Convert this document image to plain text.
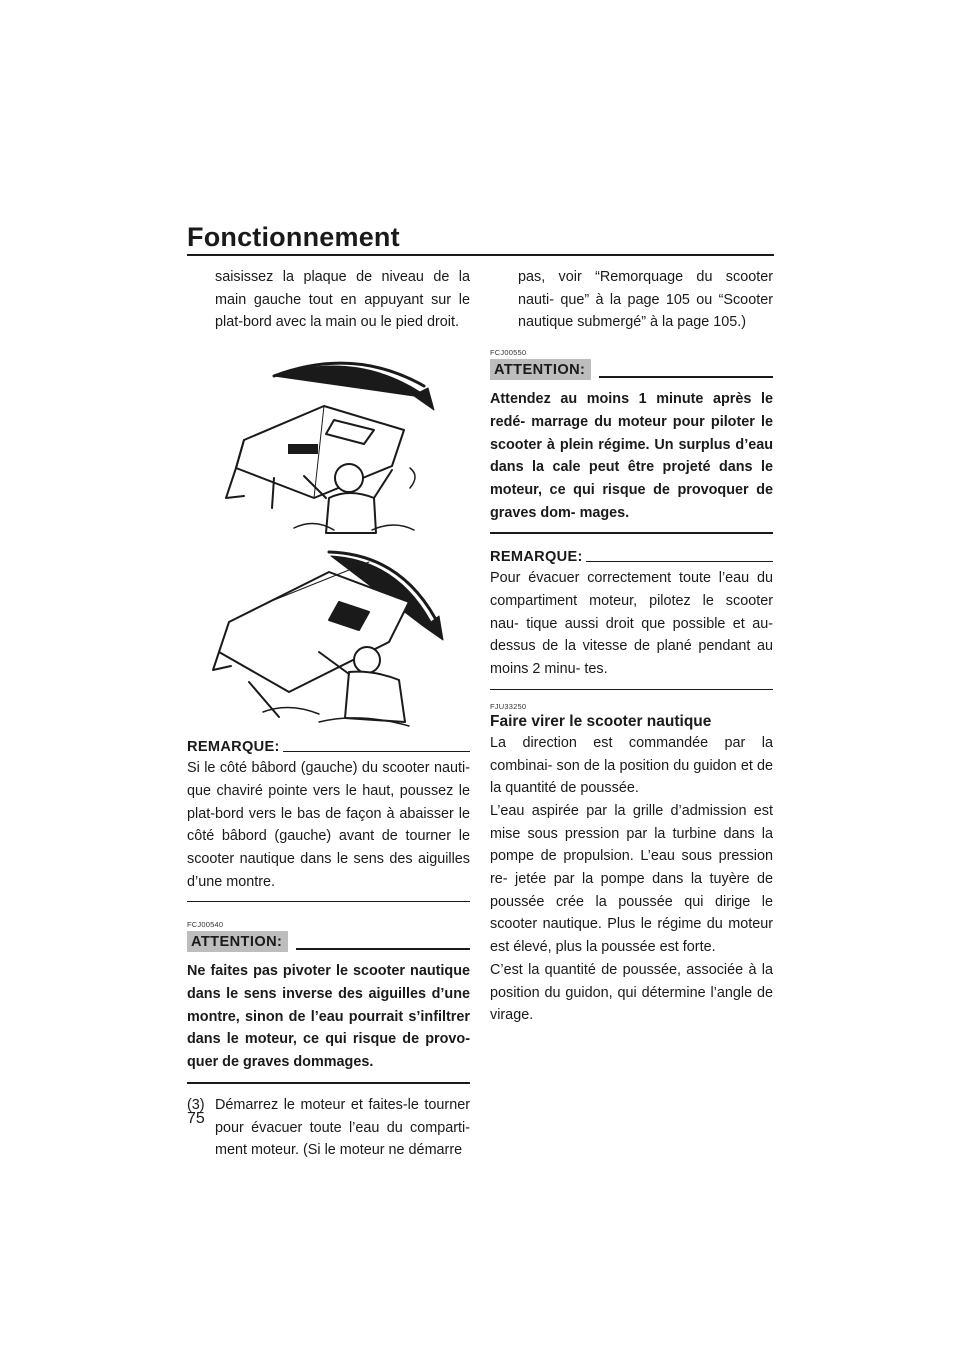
Fonctionnement

saisissez la plaque de niveau de la main gauche tout en appuyant sur le plat-bord avec la main ou le pied droit.

REMARQUE:

Si le côté bâbord (gauche) du scooter nauti- que chaviré pointe vers le haut, poussez le plat-bord vers le bas de façon à abaisser le côté bâbord (gauche) avant de tourner le scooter nautique dans le sens des aiguilles d’une montre.

FCJ00540
ATTENTION:

Ne faites pas pivoter le scooter nautique dans le sens inverse des aiguilles d’une montre, sinon de l’eau pourrait s’infiltrer dans le moteur, ce qui risque de provo- quer de graves dommages.

(3) Démarrez le moteur et faites-le tourner pour évacuer toute l’eau du comparti- ment moteur. (Si le moteur ne démarre

pas, voir “Remorquage du scooter nauti- que” à la page 105 ou “Scooter nautique submergé” à la page 105.)

FCJ00550
ATTENTION:

Attendez au moins 1 minute après le redé- marrage du moteur pour piloter le scooter à plein régime. Un surplus d’eau dans la cale peut être projeté dans le moteur, ce qui risque de provoquer de graves dom- mages.

REMARQUE:

Pour évacuer correctement toute l’eau du compartiment moteur, pilotez le scooter nau- tique aussi droit que possible et au-dessus de la vitesse de plané pendant au moins 2 minu- tes.

FJU33250
Faire virer le scooter nautique

La direction est commandée par la combinai- son de la position du guidon et de la quantité de poussée.

L’eau aspirée par la grille d’admission est mise sous pression par la turbine dans la pompe de propulsion. L’eau sous pression re- jetée par la pompe dans la tuyère de poussée crée la poussée qui dirige le scooter nautique. Plus le régime du moteur est élevé, plus la poussée est forte.

C’est la quantité de poussée, associée à la position du guidon, qui détermine l’angle de virage.

75
